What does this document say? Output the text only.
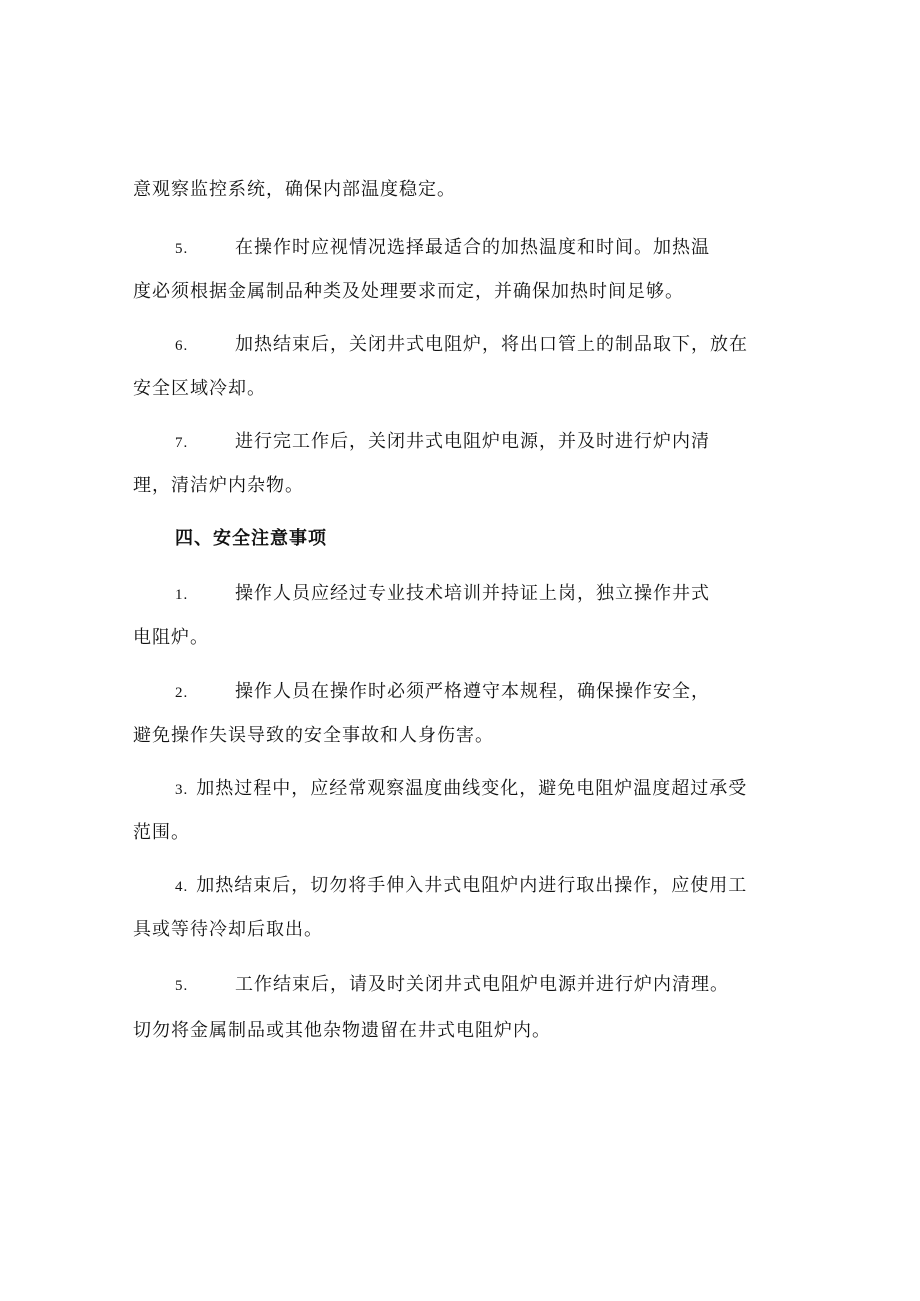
意观察监控系统，确保内部温度稳定。
5.	在操作时应视情况选择最适合的加热温度和时间。加热温
度必须根据金属制品种类及处理要求而定，并确保加热时间足够。
6.	加热结束后，关闭井式电阻炉，将出口管上的制品取下，放在
安全区域冷却。
7.	进行完工作后，关闭井式电阻炉电源，并及时进行炉内清
理，清洁炉内杂物。
四、安全注意事项
1.	操作人员应经过专业技术培训并持证上岗，独立操作井式
电阻炉。
2.	操作人员在操作时必须严格遵守本规程，确保操作安全，
避免操作失误导致的安全事故和人身伤害。
3. 加热过程中，应经常观察温度曲线变化，避免电阻炉温度超过承受
范围。
4. 加热结束后，切勿将手伸入井式电阻炉内进行取出操作，应使用工
具或等待冷却后取出。
5.	工作结束后，请及时关闭井式电阻炉电源并进行炉内清理。
切勿将金属制品或其他杂物遗留在井式电阻炉内。
